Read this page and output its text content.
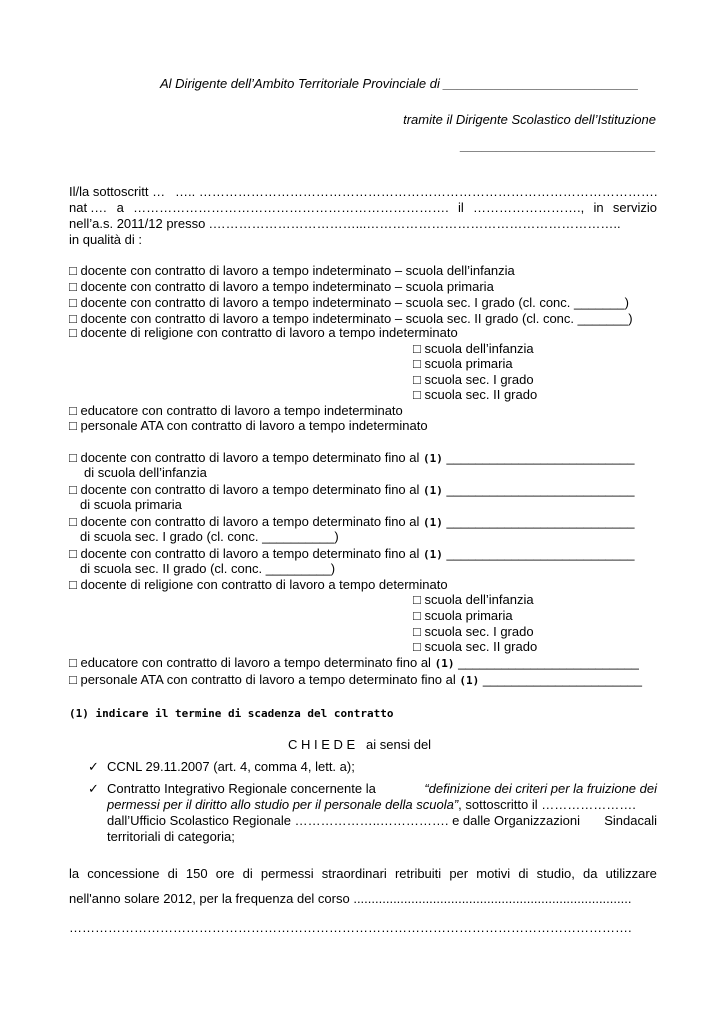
Al Dirigente dell’Ambito Territoriale Provinciale di ___________________________
tramite il Dirigente Scolastico dell’Istituzione
___________________________
Il/la sottoscritt … ….. …………………………………………………………………………………………….
nat .… a ………………………………………………………………. il ……………………., in servizio
nell’a.s. 2011/12 presso .……………………………...…………………………………………………..
in qualità di :
□ docente con contratto di lavoro a tempo indeterminato – scuola dell’infanzia
□ docente con contratto di lavoro a tempo indeterminato – scuola primaria
□ docente con contratto di lavoro a tempo indeterminato – scuola sec. I grado (cl. conc. _______)
□ docente con contratto di lavoro a tempo indeterminato – scuola sec. II grado (cl. conc. _______)
□ docente di religione con contratto di lavoro a tempo indeterminato
□ scuola dell’infanzia
□ scuola primaria
□ scuola sec. I grado
□ scuola sec. II grado
□ educatore con contratto di lavoro a tempo indeterminato
□ personale ATA con contratto di lavoro a tempo indeterminato
□ docente con contratto di lavoro a tempo determinato fino al (1) __________________________
di scuola dell’infanzia
□ docente con contratto di lavoro a tempo determinato fino al (1) __________________________
di scuola primaria
□ docente con contratto di lavoro a tempo determinato fino al (1) __________________________
di scuola sec. I grado (cl. conc. __________)
□ docente con contratto di lavoro a tempo determinato fino al (1) __________________________
di scuola sec. II grado (cl. conc. _________)
□ docente di religione con contratto di lavoro a tempo determinato
□ scuola dell’infanzia
□ scuola primaria
□ scuola sec. I grado
□ scuola sec. II grado
□ educatore con contratto di lavoro a tempo determinato fino al (1) _________________________
□ personale ATA con contratto di lavoro a tempo determinato fino al (1) ______________________
(1) indicare il termine di scadenza del contratto
C H I E D E ai sensi del
✓ CCNL 29.11.2007 (art. 4, comma 4, lett. a);
✓ Contratto Integrativo Regionale concernente la	“definizione dei criteri per la fruizione dei
permessi per il diritto allo studio per il personale della scuola”, sottoscritto il ………………….
dall’Ufficio Scolastico Regionale ………………..……………. e dalle Organizzazioni Sindacali
territoriali di categoria;
la concessione di 150 ore di permessi straordinari retribuiti per motivi di studio, da utilizzare
nell'anno solare 2012, per la frequenza del corso .............................................................................
………………………………………………………………………………………………………………….
